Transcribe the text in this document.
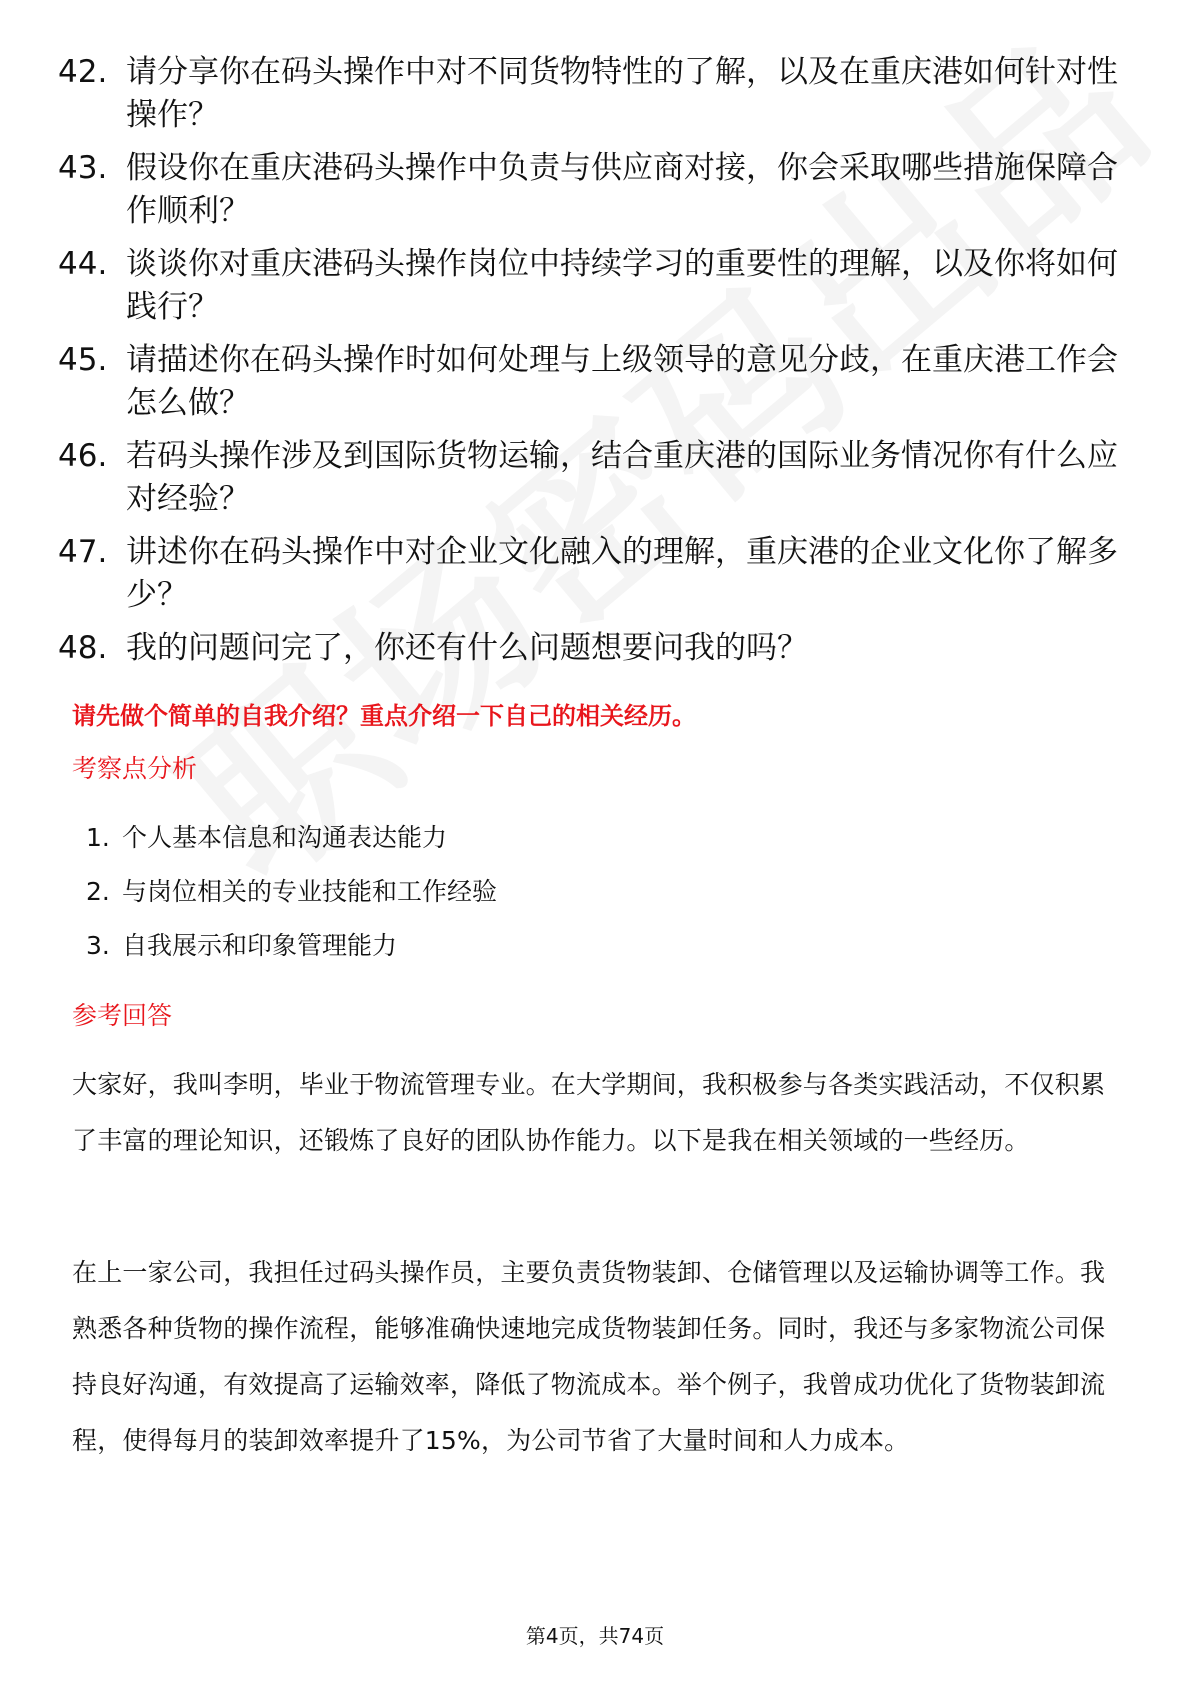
42. 请分享你在码头操作中对不同货物特性的了解，以及在重庆港如何针对性操作？
43. 假设你在重庆港码头操作中负责与供应商对接，你会采取哪些措施保障合作顺利？
44. 谈谈你对重庆港码头操作岗位中持续学习的重要性的理解，以及你将如何践行？
45. 请描述你在码头操作时如何处理与上级领导的意见分歧，在重庆港工作会怎么做？
46. 若码头操作涉及到国际货物运输，结合重庆港的国际业务情况你有什么应对经验？
47. 讲述你在码头操作中对企业文化融入的理解，重庆港的企业文化你了解多少？
48. 我的问题问完了，你还有什么问题想要问我的吗？
请先做个简单的自我介绍？重点介绍一下自己的相关经历。
考察点分析
1. 个人基本信息和沟通表达能力
2. 与岗位相关的专业技能和工作经验
3. 自我展示和印象管理能力
参考回答
大家好，我叫李明，毕业于物流管理专业。在大学期间，我积极参与各类实践活动，不仅积累了丰富的理论知识，还锻炼了良好的团队协作能力。以下是我在相关领域的一些经历。
在上一家公司，我担任过码头操作员，主要负责货物装卸、仓储管理以及运输协调等工作。我熟悉各种货物的操作流程，能够准确快速地完成货物装卸任务。同时，我还与多家物流公司保持良好沟通，有效提高了运输效率，降低了物流成本。举个例子，我曾成功优化了货物装卸流程，使得每月的装卸效率提升了15%，为公司节省了大量时间和人力成本。
第4页，共74页
